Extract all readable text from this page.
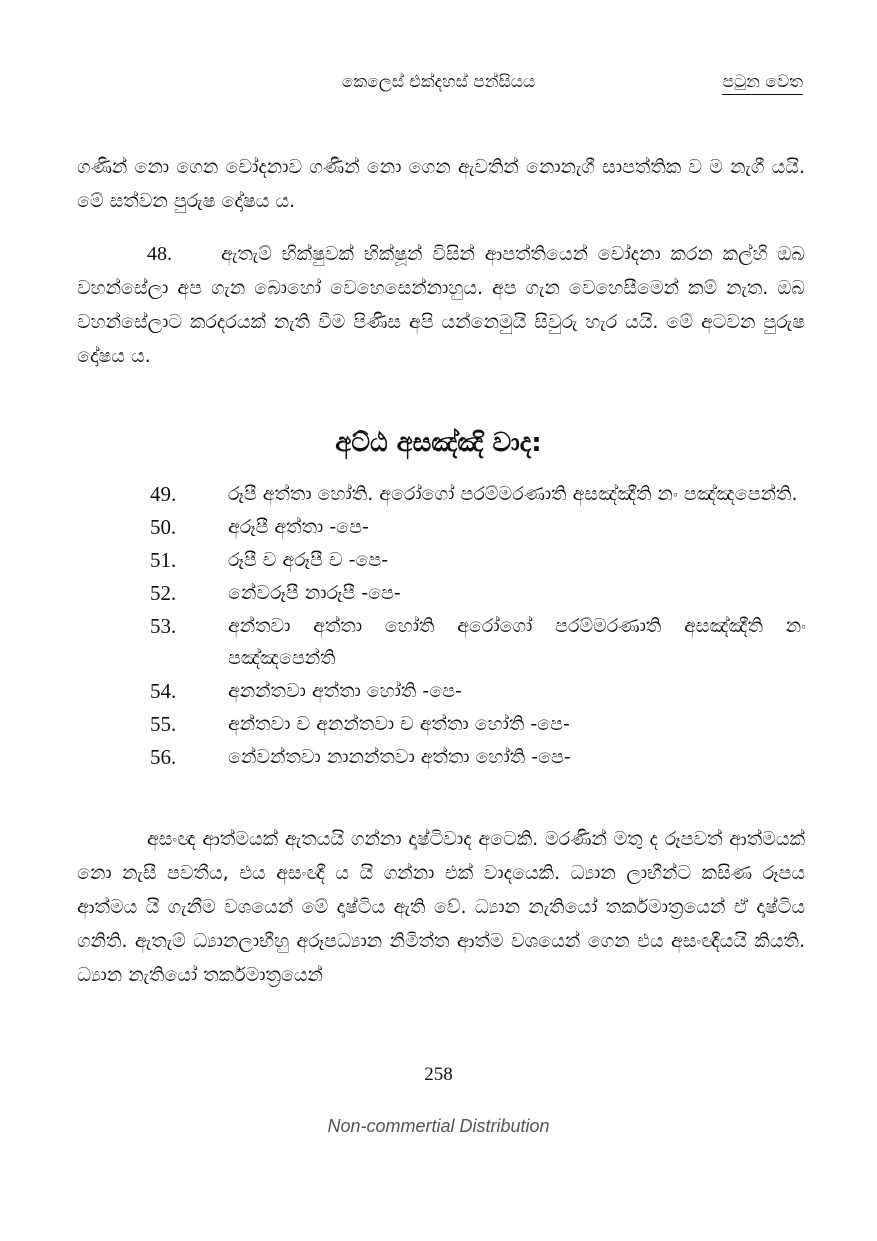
කෙලෙස් එක්දහස් පන්සියය	පටුන වෙත
ගණින් නො ගෙන චෝදනාව ගණින් නො ගෙන ඇවතින් නොනැගී සාපත්තික ව ම නැගී යයි. මේ සත්වන පුරුෂ දෝෂය ය.
48.	ඇතැම් භික්ෂුවක් භික්ෂූන් විසින් ආපත්තියෙන් චෝදනා කරන කල්හි ඔබ වහන්සේලා අප ගැන බොහෝ වෙහෙසෙන්නාහුය. අප ගැන වෙහෙසීමෙන් කම් නැත. ඔබ වහන්සේලාට කරදරයක් නැති වීම පිණිස අපි යන්නෙමුයි සිවුරු හැර යයි. මේ අටවන පුරුෂ දෝෂය ය.
අට්ඨ අසඤ්ඤි වාද:
49.	රූපී අත්තා හෝති. අරෝගෝ පරම්මරණාති අසඤ්ඤීති නං පඤ්ඤපෙන්ති.
50.	අරූපී අත්තා -පෙ-
51.	රූපී ච අරූපී ච -පෙ-
52.	නේවරූපී නාරූපී -පෙ-
53.	අන්තවා අත්තා හෝති අරෝගෝ පරම්මරණාති අසඤ්ඤීති නං පඤ්ඤපෙන්ති
54.	අනන්තවා අත්තා හෝති -පෙ-
55.	අන්තවා ච අනන්තවා ච අත්තා හෝති -පෙ-
56.	නේවන්තවා නානන්තවා අත්තා හෝති -පෙ-
අසංඥ ආත්මයක් ඇතයයි ගන්නා දෘෂ්ටිවාද අටෙකි. මරණින් මතු ද රූපවත් ආත්මයක් නො නැසී පවතීය, එය අසංඥී ය යි ගන්නා එක් වාදයෙකි. ධ්‍යාන ලාභීන්ට කසිණ රූපය ආත්මය යි ගැනීම වශයෙන් මේ දෘෂ්ටිය ඇති වේ. ධ්‍යාන නැතියෝ තර්කමාත්‍රයෙන් ඒ දෘෂ්ටිය ගනිති. ඇතැම් ධ්‍යානලාභීහු අරූපධ්‍යාන නිමිත්ත ආත්ම වශයෙන් ගෙන එය අසංඥීයයි කියති. ධ්‍යාන නැතියෝ තර්කමාත්‍රයෙන්
258
Non-commertial Distribution
